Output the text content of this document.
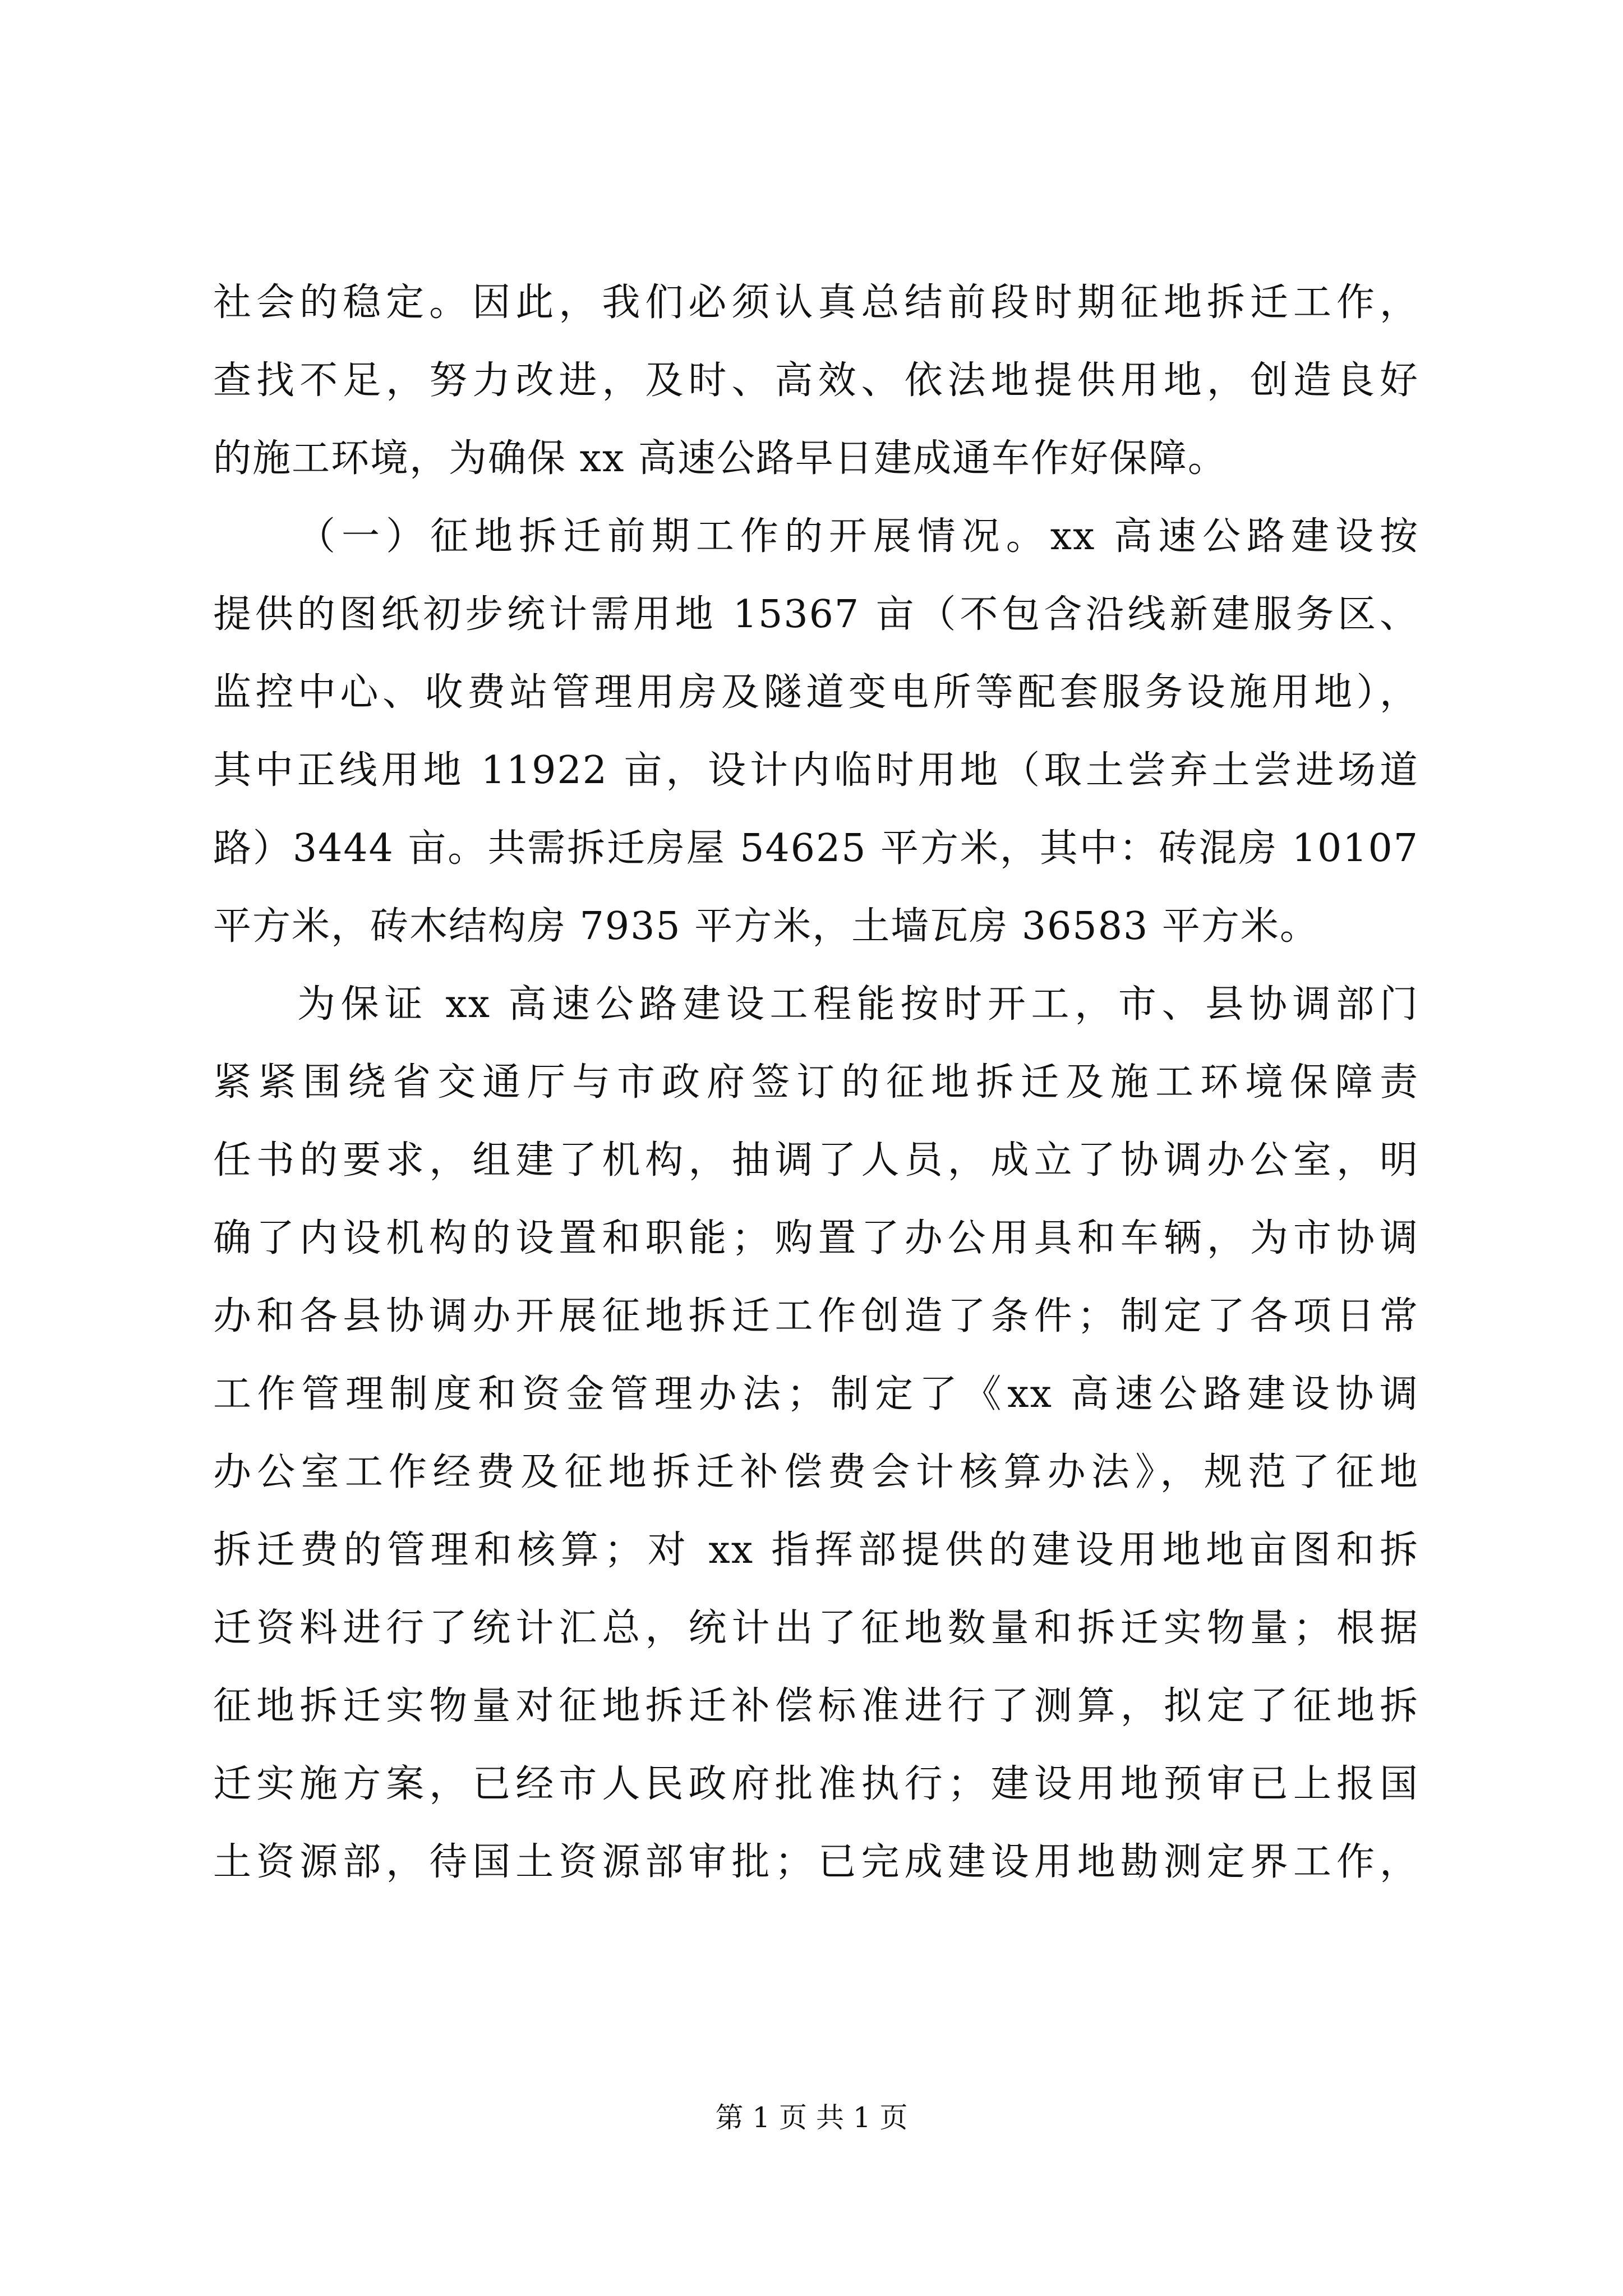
社会的稳定。因此，我们必须认真总结前段时期征地拆迁工作，
查找不足，努力改进，及时、高效、依法地提供用地，创造良好
的施工环境，为确保 xx 高速公路早日建成通车作好保障。
（一）征地拆迁前期工作的开展情况。xx 高速公路建设按
提供的图纸初步统计需用地 15367 亩（不包含沿线新建服务区、
监控中心、收费站管理用房及隧道变电所等配套服务设施用地），
其中正线用地 11922 亩，设计内临时用地（取土尝弃土尝进场道
路）3444 亩。共需拆迁房屋 54625 平方米，其中：砖混房 10107
平方米，砖木结构房 7935 平方米，土墙瓦房 36583 平方米。
为保证 xx 高速公路建设工程能按时开工，市、县协调部门
紧紧围绕省交通厅与市政府签订的征地拆迁及施工环境保障责
任书的要求，组建了机构，抽调了人员，成立了协调办公室，明
确了内设机构的设置和职能；购置了办公用具和车辆，为市协调
办和各县协调办开展征地拆迁工作创造了条件；制定了各项日常
工作管理制度和资金管理办法；制定了《xx 高速公路建设协调
办公室工作经费及征地拆迁补偿费会计核算办法》，规范了征地
拆迁费的管理和核算；对 xx 指挥部提供的建设用地地亩图和拆
迁资料进行了统计汇总，统计出了征地数量和拆迁实物量；根据
征地拆迁实物量对征地拆迁补偿标准进行了测算，拟定了征地拆
迁实施方案，已经市人民政府批准执行；建设用地预审已上报国
土资源部，待国土资源部审批；已完成建设用地勘测定界工作，
第 1 页 共 1 页
